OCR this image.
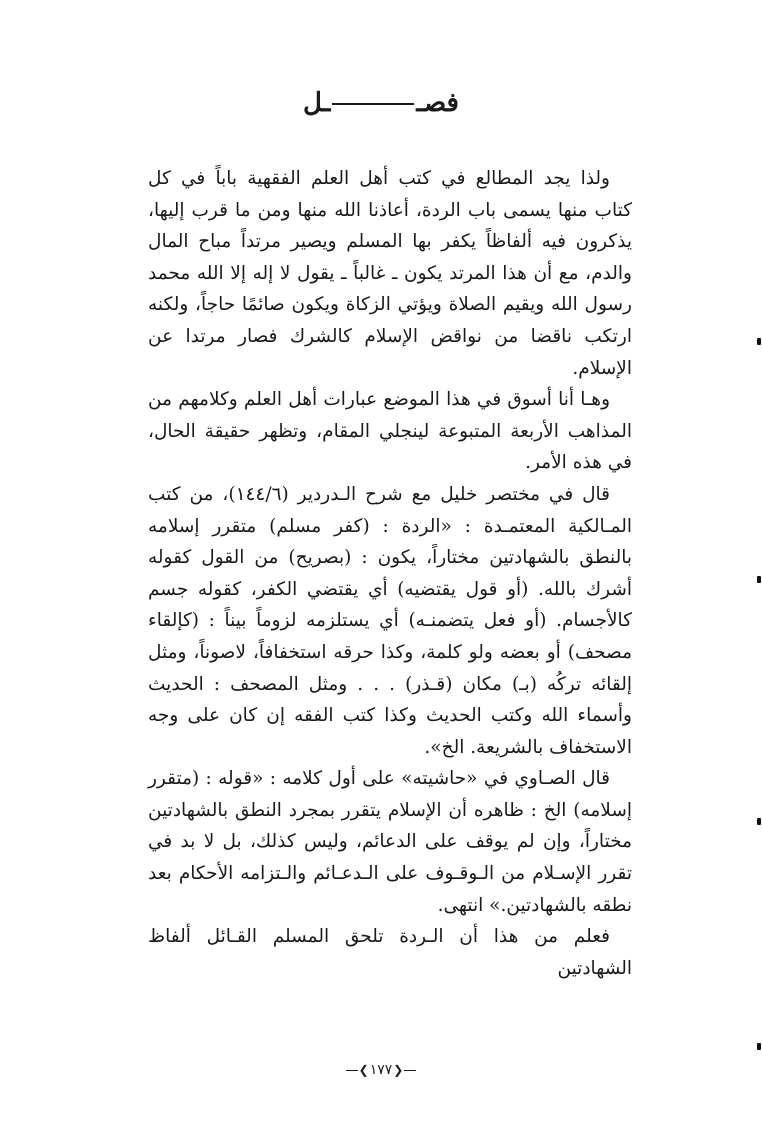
فصــل

ولذا يجد المطالع في كتب أهل العلم الفقهية باباً في كل كتاب منها يسمى باب الردة، أعاذنا الله منها ومن ما قرب إليها، يذكرون فيه ألفاظاً يكفر بها المسلم ويصير مرتداً مباح المال والدم، مع أن هذا المرتد يكون ـ غالباً ـ يقول لا إله إلا الله محمد رسول الله ويقيم الصلاة ويؤتي الزكاة ويكون صائمًا حاجاً، ولكنه ارتكب ناقضا من نواقض الإسلام كالشرك فصار مرتدا عن الإسلام.

وهـا أنا أسوق في هذا الموضع عبارات أهل العلم وكلامهم من المذاهب الأربعة المتبوعة لينجلي المقام، وتظهر حقيقة الحال، في هذه الأمر.

قال في مختصر خليل مع شرح الـدردير (١٤٤/٦)، من كتب المـالكية المعتمـدة : «الردة : (كفر مسلم) متقرر إسلامه بالنطق بالشهادتين مختاراً، يكون : (بصريح) من القول كقوله أشرك بالله. (أو قول يقتضيه) أي يقتضي الكفر، كقوله جسم كالأجسام. (أو فعل يتضمنـه) أي يستلزمه لزوماً بيناً : (كإلقاء مصحف) أو بعضه ولو كلمة، وكذا حرقه استخفافاً، لاصوناً، ومثل إلقائه تركُه (بـ) مكان (قـذر) . . . ومثل المصحف : الحديث وأسماء الله وكتب الحديث وكذا كتب الفقه إن كان على وجه الاستخفاف بالشريعة. الخ».

قال الصـاوي في «حاشيته» على أول كلامه : «قوله : (متقرر إسلامه) الخ : ظاهره أن الإسلام يتقرر بمجرد النطق بالشهادتين مختاراً، وإن لم يوقف على الدعائم، وليس كذلك، بل لا بد في تقرر الإسـلام من الـوقـوف على الـدعـائم والـتزامه الأحكام بعد نطقه بالشهادتين.» انتهى.

فعلم من هذا أن الـردة تلحق المسلم القـائل ألفاظ الشهادتين

❮١٧٧❯
